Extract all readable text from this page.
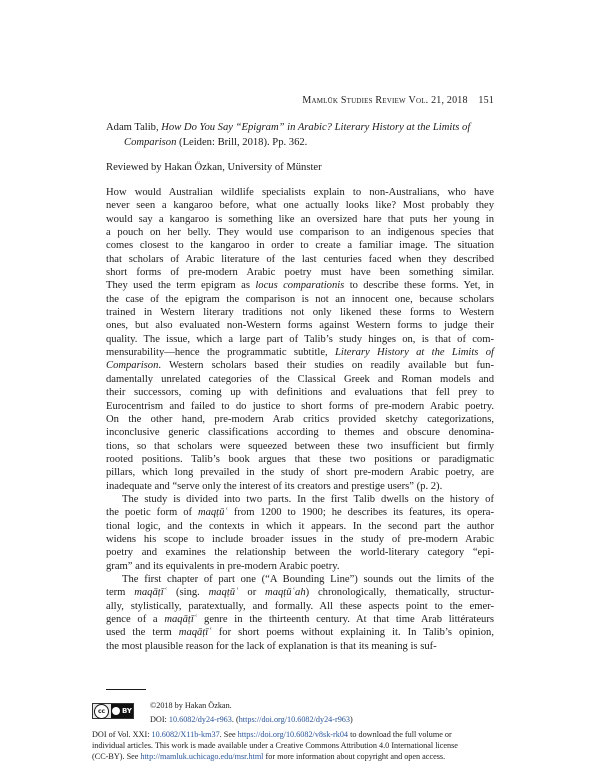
Mamlūk Studies Review Vol. 21, 2018 151
Adam Talib, How Do You Say “Epigram” in Arabic? Literary History at the Limits of
Comparison (Leiden: Brill, 2018). Pp. 362.
Reviewed by Hakan Özkan, University of Münster

How would Australian wildlife specialists explain to non-Australians, who have
never seen a kangaroo before, what one actually looks like? Most probably they
would say a kangaroo is something like an oversized hare that puts her young in
a pouch on her belly. They would use comparison to an indigenous species that
comes closest to the kangaroo in order to create a familiar image. The situation
that scholars of Arabic literature of the last centuries faced when they described
short forms of pre-modern Arabic poetry must have been something similar.
They used the term epigram as locus comparationis to describe these forms. Yet, in
the case of the epigram the comparison is not an innocent one, because scholars
trained in Western literary traditions not only likened these forms to Western
ones, but also evaluated non-Western forms against Western forms to judge their
quality. The issue, which a large part of Talib’s study hinges on, is that of com-
mensurability—hence the programmatic subtitle, Literary History at the Limits of
Comparison. Western scholars based their studies on readily available but fun-
damentally unrelated categories of the Classical Greek and Roman models and
their successors, coming up with definitions and evaluations that fell prey to
Eurocentrism and failed to do justice to short forms of pre-modern Arabic poetry.
On the other hand, pre-modern Arab critics provided sketchy categorizations,
inconclusive generic classifications according to themes and obscure denomina-
tions, so that scholars were squeezed between these two insufficient but firmly
rooted positions. Talib’s book argues that these two positions or paradigmatic
pillars, which long prevailed in the study of short pre-modern Arabic poetry, are
inadequate and “serve only the interest of its creators and prestige users” (p. 2).

The study is divided into two parts. In the first Talib dwells on the history of
the poetic form of maqṭūʿ from 1200 to 1900; he describes its features, its opera-
tional logic, and the contexts in which it appears. In the second part the author
widens his scope to include broader issues in the study of pre-modern Arabic
poetry and examines the relationship between the world-literary category “epi-
gram” and its equivalents in pre-modern Arabic poetry.

The first chapter of part one (“A Bounding Line”) sounds out the limits of the
term maqāṭīʿ (sing. maqṭūʿ or maqṭūʿah) chronologically, thematically, structur-
ally, stylistically, paratextually, and formally. All these aspects point to the emer-
gence of a maqāṭīʿ genre in the thirteenth century. At that time Arab littérateurs
used the term maqāṭīʿ for short poems without explaining it. In Talib’s opinion,
the most plausible reason for the lack of explanation is that its meaning is suf-

cc	BY
©2018 by Hakan Özkan.
DOI: 10.6082/dy24-r963. (https://doi.org/10.6082/dy24-r963)
DOI of Vol. XXI: 10.6082/X11b-km37. See https://doi.org/10.6082/v8sk-rk04 to download the full volume or
individual articles. This work is made available under a Creative Commons Attribution 4.0 International license
(CC-BY). See http://mamluk.uchicago.edu/msr.html for more information about copyright and open access.
